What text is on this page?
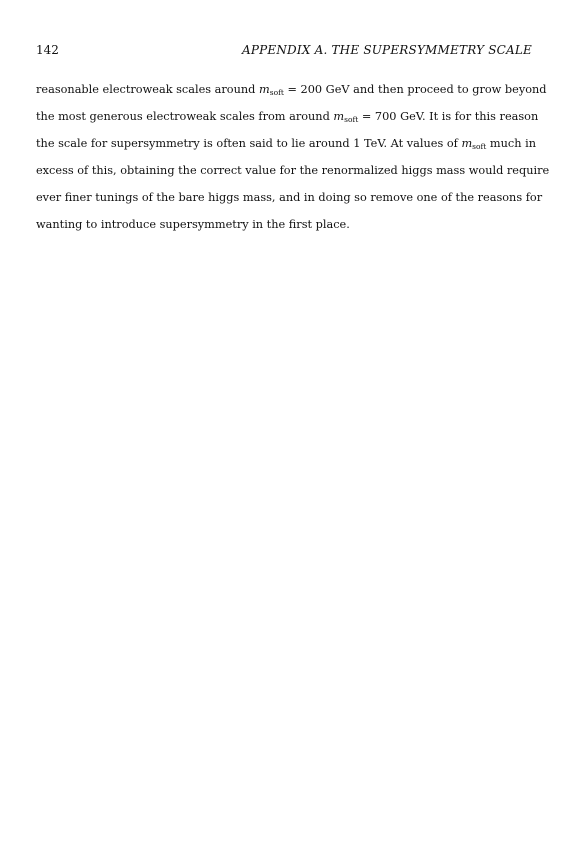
142	APPENDIX A. THE SUPERSYMMETRY SCALE
reasonable electroweak scales around msoft = 200 GeV and then proceed to grow beyond
the most generous electroweak scales from around msoft = 700 GeV. It is for this reason
the scale for supersymmetry is often said to lie around 1 TeV. At values of msoft much in
excess of this, obtaining the correct value for the renormalized higgs mass would require
ever finer tunings of the bare higgs mass, and in doing so remove one of the reasons for
wanting to introduce supersymmetry in the first place.
